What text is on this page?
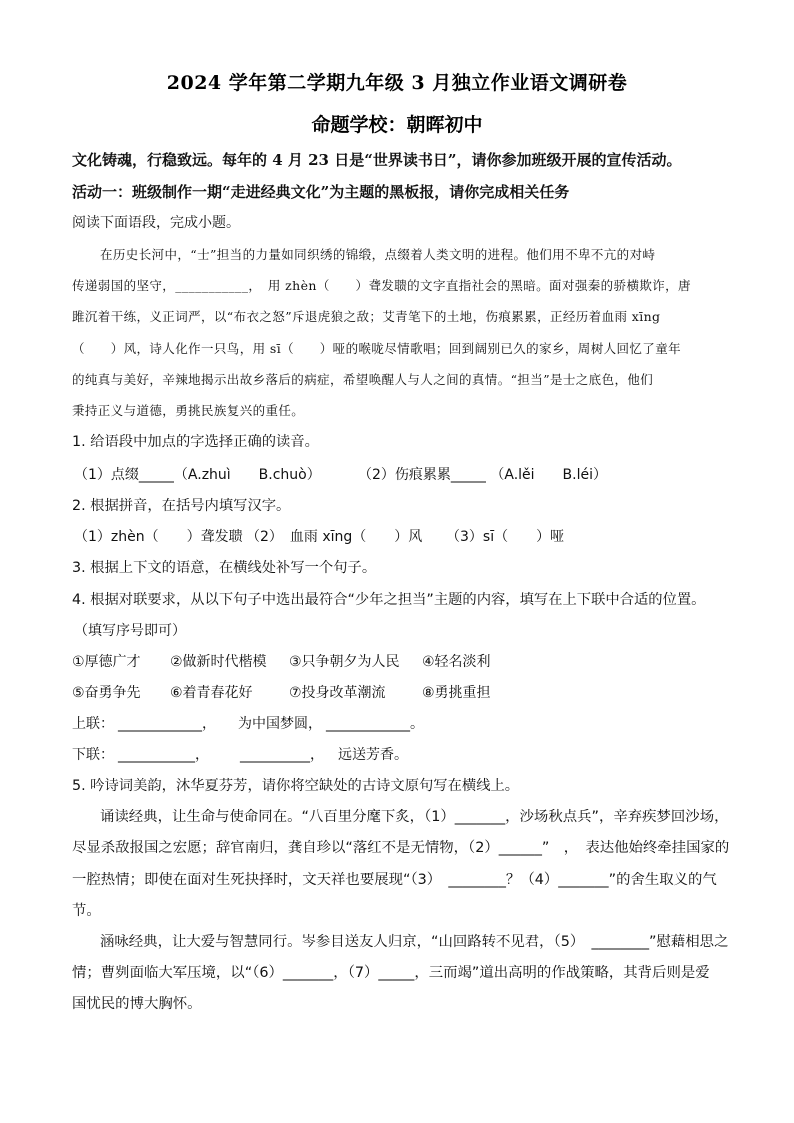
2024 学年第二学期九年级 3 月独立作业语文调研卷
命题学校：朝晖初中
文化铸魂，行稳致远。每年的 4 月 23 日是“世界读书日”，请你参加班级开展的宣传活动。
活动一：班级制作一期“走进经典文化”为主题的黑板报，请你完成相关任务
阅读下面语段，完成小题。
在历史长河中，“士”担当的力量如同织绣的锦缎，点缀着人类文明的进程。他们用不卑不亢的对峙
传递弱国的坚守，___________，　用 zhèn（　　）聋发聩的文字直指社会的黑暗。面对强秦的骄横欺诈，唐
雎沉着干练，义正词严，以“布衣之怒”斥退虎狼之敌；艾青笔下的土地，伤痕累累，正经历着血雨 xīng
（　　）风，诗人化作一只鸟，用 sī（　　）哑的喉咙尽情歌唱；回到阔别已久的家乡，周树人回忆了童年
的纯真与美好，辛辣地揭示出故乡落后的病症，希望唤醒人与人之间的真情。“担当”是士之底色，他们
秉持正义与道德，勇挑民族复兴的重任。
1. 给语段中加点的字选择正确的读音。
（1）点缀_____（A.zhuì　　B.chuò）	（2）伤痕累累_____ （A.lěi　　B.léi）
2. 根据拼音，在括号内填写汉字。
（1）zhèn（　　）聋发聩 （2）　血雨 xīng（　　）风 （3）sī（　　）哑
3. 根据上下文的语意，在横线处补写一个句子。
4. 根据对联要求，从以下句子中选出最符合“少年之担当”主题的内容，填写在上下联中合适的位置。
（填写序号即可）
①厚德广才 ②做新时代楷模 ③只争朝夕为人民 ④轻名淡利
⑤奋勇争先 ⑥着青春花好	⑦投身改革潮流	⑧勇挑重担
上联： ____________， 为中国梦圆， ____________。
下联： ___________， __________， 远送芳香。
5. 吟诗词美韵，沐华夏芬芳，请你将空缺处的古诗文原句写在横线上。
诵读经典，让生命与使命同在。“八百里分麾下炙，（1）_______，沙场秋点兵”，辛弃疾梦回沙场，
尽显杀敌报国之宏愿；辞官南归，龚自珍以“落红不是无情物，（2）______”　，　表达他始终牵挂国家的
一腔热情；即使在面对生死抉择时，文天祥也要展现“（3）　________？（4）_______”的舍生取义的气
节。
涵咏经典，让大爱与智慧同行。岑参目送友人归京，“山回路转不见君，（5）　________”慰藉相思之
情；曹刿面临大军压境，以“（6）_______，（7）_____，三而竭”道出高明的作战策略，其背后则是爱
国忧民的博大胸怀。
